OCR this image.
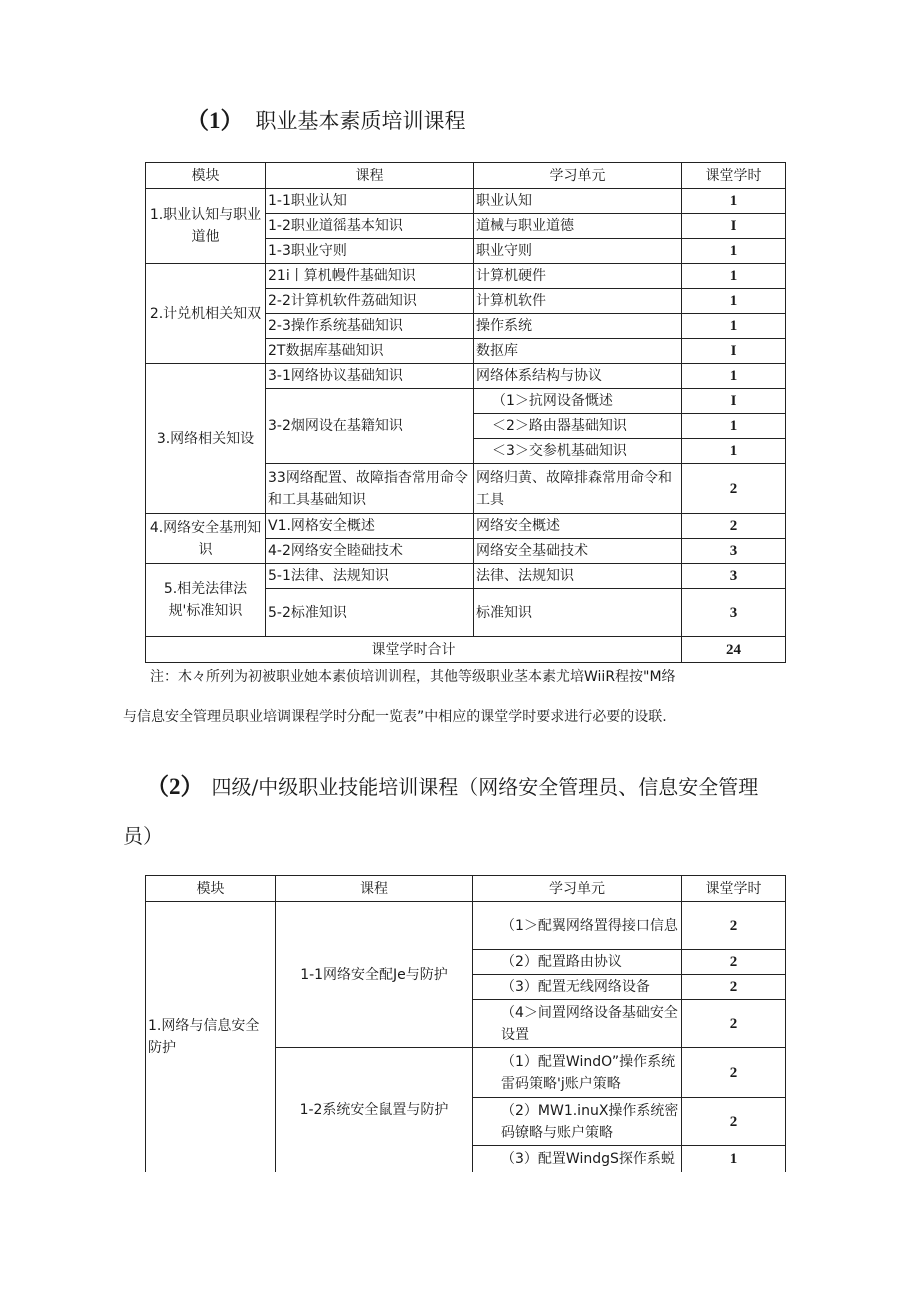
（1） 职业基本素质培训课程
模块	课程	学习单元	课堂学时
1.职业认知与职业道他	1-1职业认知	职业认知	1
	1-2职业道徭基本知识	道械与职业道德	I
	1-3职业守则	职业守则	1
2.计兑机相关知双	21i丨算机幔件基础知识	计算机硬件	1
	2-2计算机软件荔础知识	计算机软件	1
	2-3操作系统基础知识	操作系统	1
	2T数据库基础知识	数抠库	I
3.网络相关知设	3-1网络协议基础知识	网络体系结构与协议	1
	3-2烟网设在基籍知识	（1＞抗网设备慨述	I
		＜2＞路由器基础知识	1
		＜3＞交参机基础知识	1
	33网络配置、故障指杳常用命令和工具基础知识	网络归黄、故障排森常用命令和工具	2
4.网络安全基刑知识	V1.网格安全概述	网络安全概述	2
	4-2网络安全睦础技术	网络安全基础技术	3
5.相羌法律法规'标准知识	5-1法律、法规知识	法律、法规知识	3
	5-2标准知识	标准知识	3
课堂学时合计			24
注：木々所列为初被职业她本素侦培训训程，其他等级职业茎本素尤培WiiR程按"M络
与信息安全管理员职业培调课程学时分配一览表”中相应的课堂学时要求进行必要的设联.
（2） 四级/中级职业技能培训课程（网络安全管理员、信息安全管理
员）
模块	课程	学习单元	课堂学时
1.网络与信息安全防护	1-1网络安全配Je与防护	（1＞配翼网络置得接口信息	2
		（2）配置路由协议	2
		（3）配置无线网络设备	2
		（4＞间置网络设备基础安全设置	2
	1-2系统安全鼠置与防护	（1）配置WindO”操作系统雷码策略'j账户策略	2
		（2）MW1.inuX操作系统密码镣略与账户策略	2
		（3）配置WindgS探作系蜕	1
